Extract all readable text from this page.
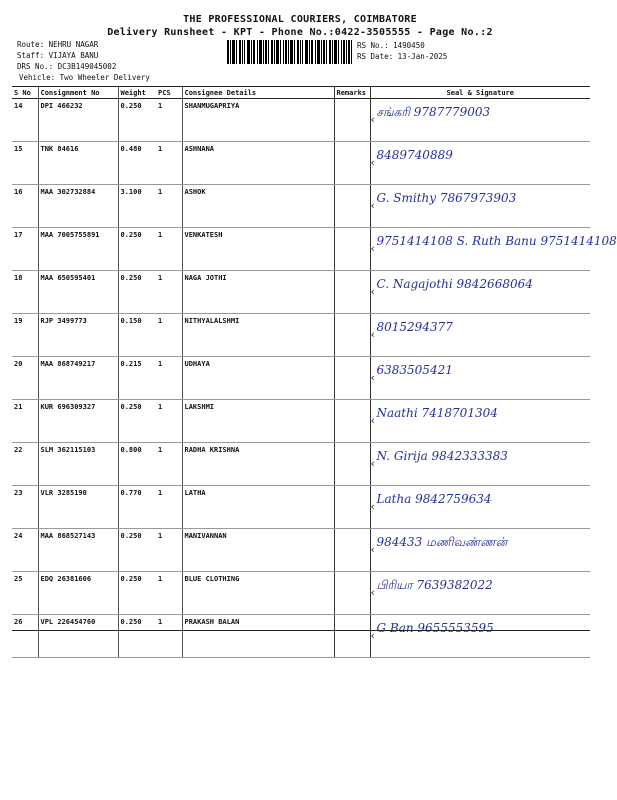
THE PROFESSIONAL COURIERS, COIMBATORE
Delivery Runsheet - KPT - Phone No.:0422-3505555 - Page No.:2
Route: NEHRU NAGAR
Staff: VIJAYA BANU
DRS No.: DC3B149045002
Vehicle: Two Wheeler Delivery
RS No.: 1490450
RS Date: 13-Jan-2025
S No	Consignment No	Weight	PCS	Consignee Details	Remarks	Seal & Signature
14	DPI 466232	0.250	1	SHANMUGAPRIYA		‹
சங்கரி 9787779003

15	TNK 84616	0.480	1	ASHNANA		‹
8489740889

16	MAA 302732884	3.100	1	ASHOK		‹
G. Smithy 7867973903

17	MAA 7005755891	0.250	1	VENKATESH		‹
9751414108 S. Ruth Banu 9751414108

18	MAA 650595401	0.250	1	NAGA JOTHI		‹
C. Nagajothi 9842668064

19	RJP 3499773	0.150	1	NITHYALALSHMI		‹
8015294377

20	MAA 868749217	0.215	1	UDHAYA		‹
6383505421

21	KUR 696309327	0.250	1	LAKSHMI		‹
Naathi 7418701304

22	SLM 362115103	0.800	1	RADHA KRISHNA		‹
N. Girija 9842333383

23	VLR 3285190	0.770	1	LATHA		‹
Latha 9842759634

24	MAA 868527143	0.250	1	MANIVANNAN		‹
984433 மணிவண்ணன்

25	EDQ 26381606	0.250	1	BLUE CLOTHING		‹
பிரியா 7639382022

26	VPL 226454760	0.250	1	PRAKASH BALAN		‹
G Ban 9655553595
